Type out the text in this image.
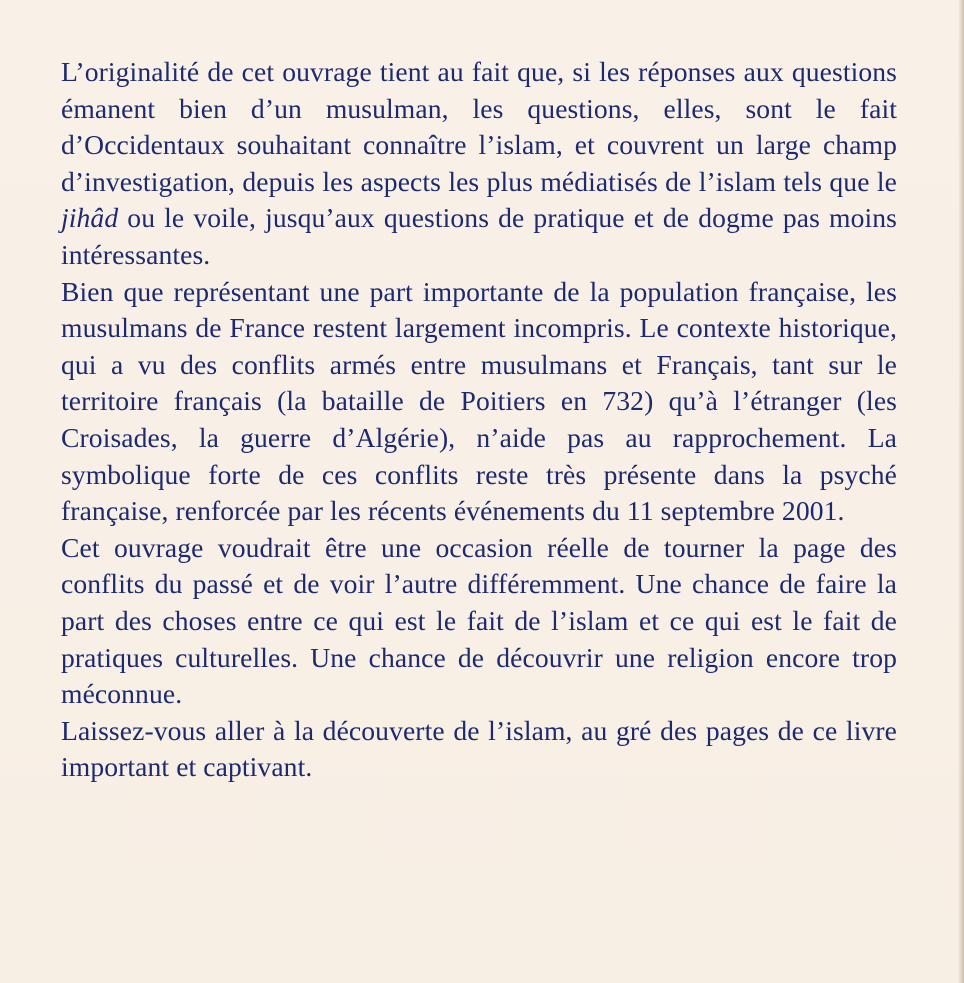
L’originalité de cet ouvrage tient au fait que, si les réponses aux questions émanent bien d’un musulman, les questions, elles, sont le fait d’Occidentaux souhaitant connaître l’islam, et couvrent un large champ d’investigation, depuis les aspects les plus médiatisés de l’islam tels que le jihâd ou le voile, jusqu’aux questions de pratique et de dogme pas moins intéressantes.

Bien que représentant une part importante de la population française, les musulmans de France restent largement incompris. Le contexte historique, qui a vu des conflits armés entre musulmans et Français, tant sur le territoire français (la bataille de Poitiers en 732) qu’à l’étranger (les Croisades, la guerre d’Algérie), n’aide pas au rapprochement. La symbolique forte de ces conflits reste très présente dans la psyché française, renforcée par les récents événements du 11 septembre 2001.

Cet ouvrage voudrait être une occasion réelle de tourner la page des conflits du passé et de voir l’autre différemment. Une chance de faire la part des choses entre ce qui est le fait de l’islam et ce qui est le fait de pratiques culturelles. Une chance de découvrir une religion encore trop méconnue.

Laissez-vous aller à la découverte de l’islam, au gré des pages de ce livre important et captivant.
